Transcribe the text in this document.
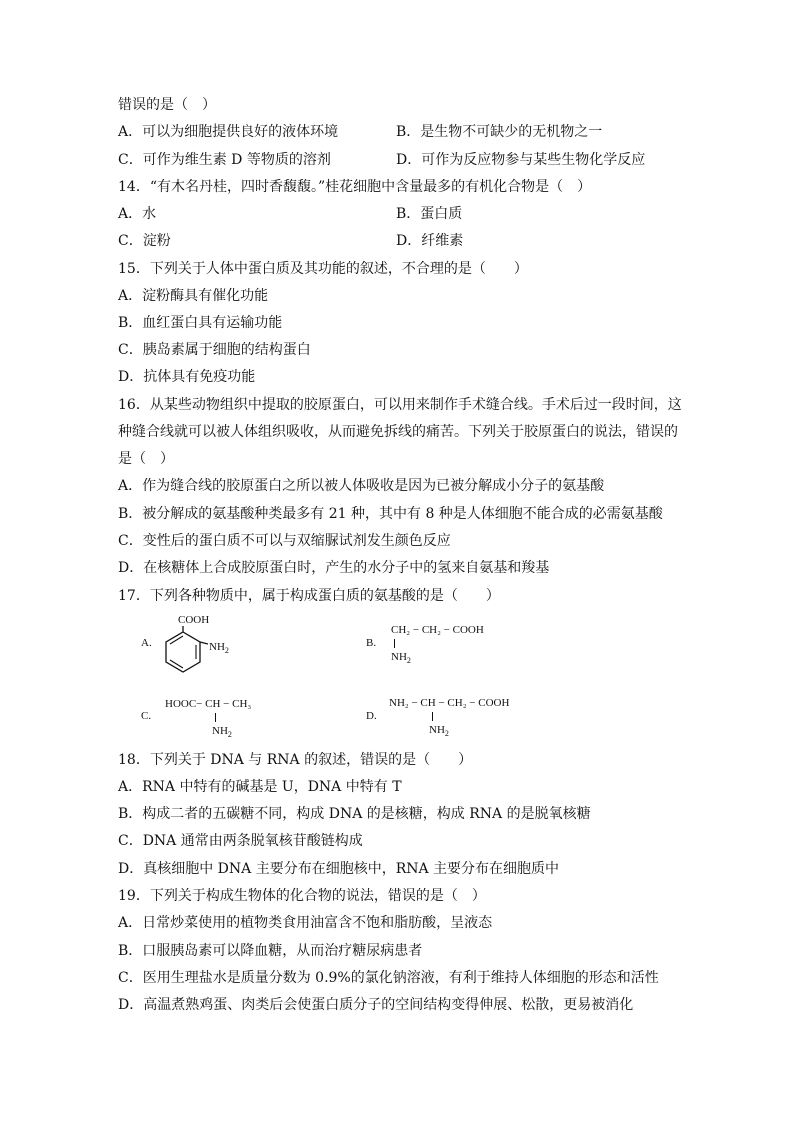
错误的是（　）
A．可以为细胞提供良好的液体环境	B．是生物不可缺少的无机物之一
C．可作为维生素 D 等物质的溶剂	D．可作为反应物参与某些生物化学反应
14．“有木名丹桂，四时香馥馥。”桂花细胞中含量最多的有机化合物是（　）
A．水	B．蛋白质
C．淀粉	D．纤维素
15．下列关于人体中蛋白质及其功能的叙述，不合理的是（　　）
A．淀粉酶具有催化功能
B．血红蛋白具有运输功能
C．胰岛素属于细胞的结构蛋白
D．抗体具有免疫功能
16．从某些动物组织中提取的胶原蛋白，可以用来制作手术缝合线。手术后过一段时间，这
种缝合线就可以被人体组织吸收，从而避免拆线的痛苦。下列关于胶原蛋白的说法，错误的
是（　）
A．作为缝合线的胶原蛋白之所以被人体吸收是因为已被分解成小分子的氨基酸
B．被分解成的氨基酸种类最多有 21 种，其中有 8 种是人体细胞不能合成的必需氨基酸
C．变性后的蛋白质不可以与双缩脲试剂发生颜色反应
D．在核糖体上合成胶原蛋白时，产生的水分子中的氢来自氨基和羧基
17．下列各种物质中，属于构成蛋白质的氨基酸的是（　　）
A.
COOH
$NH_2$
B.
CH₂ − CH₂ − COOH
$NH_2$
C.
HOOC− CH − CH₃
$NH_2$
D.
NH₂ − CH − CH₂ − COOH
$NH_2$
18．下列关于 DNA 与 RNA 的叙述，错误的是（　　）
A．RNA 中特有的碱基是 U，DNA 中特有 T
B．构成二者的五碳糖不同，构成 DNA 的是核糖，构成 RNA 的是脱氧核糖
C．DNA 通常由两条脱氧核苷酸链构成
D．真核细胞中 DNA 主要分布在细胞核中，RNA 主要分布在细胞质中
19．下列关于构成生物体的化合物的说法，错误的是（　）
A．日常炒菜使用的植物类食用油富含不饱和脂肪酸，呈液态
B．口服胰岛素可以降血糖，从而治疗糖尿病患者
C．医用生理盐水是质量分数为 0.9%的氯化钠溶液，有利于维持人体细胞的形态和活性
D．高温煮熟鸡蛋、肉类后会使蛋白质分子的空间结构变得伸展、松散，更易被消化
